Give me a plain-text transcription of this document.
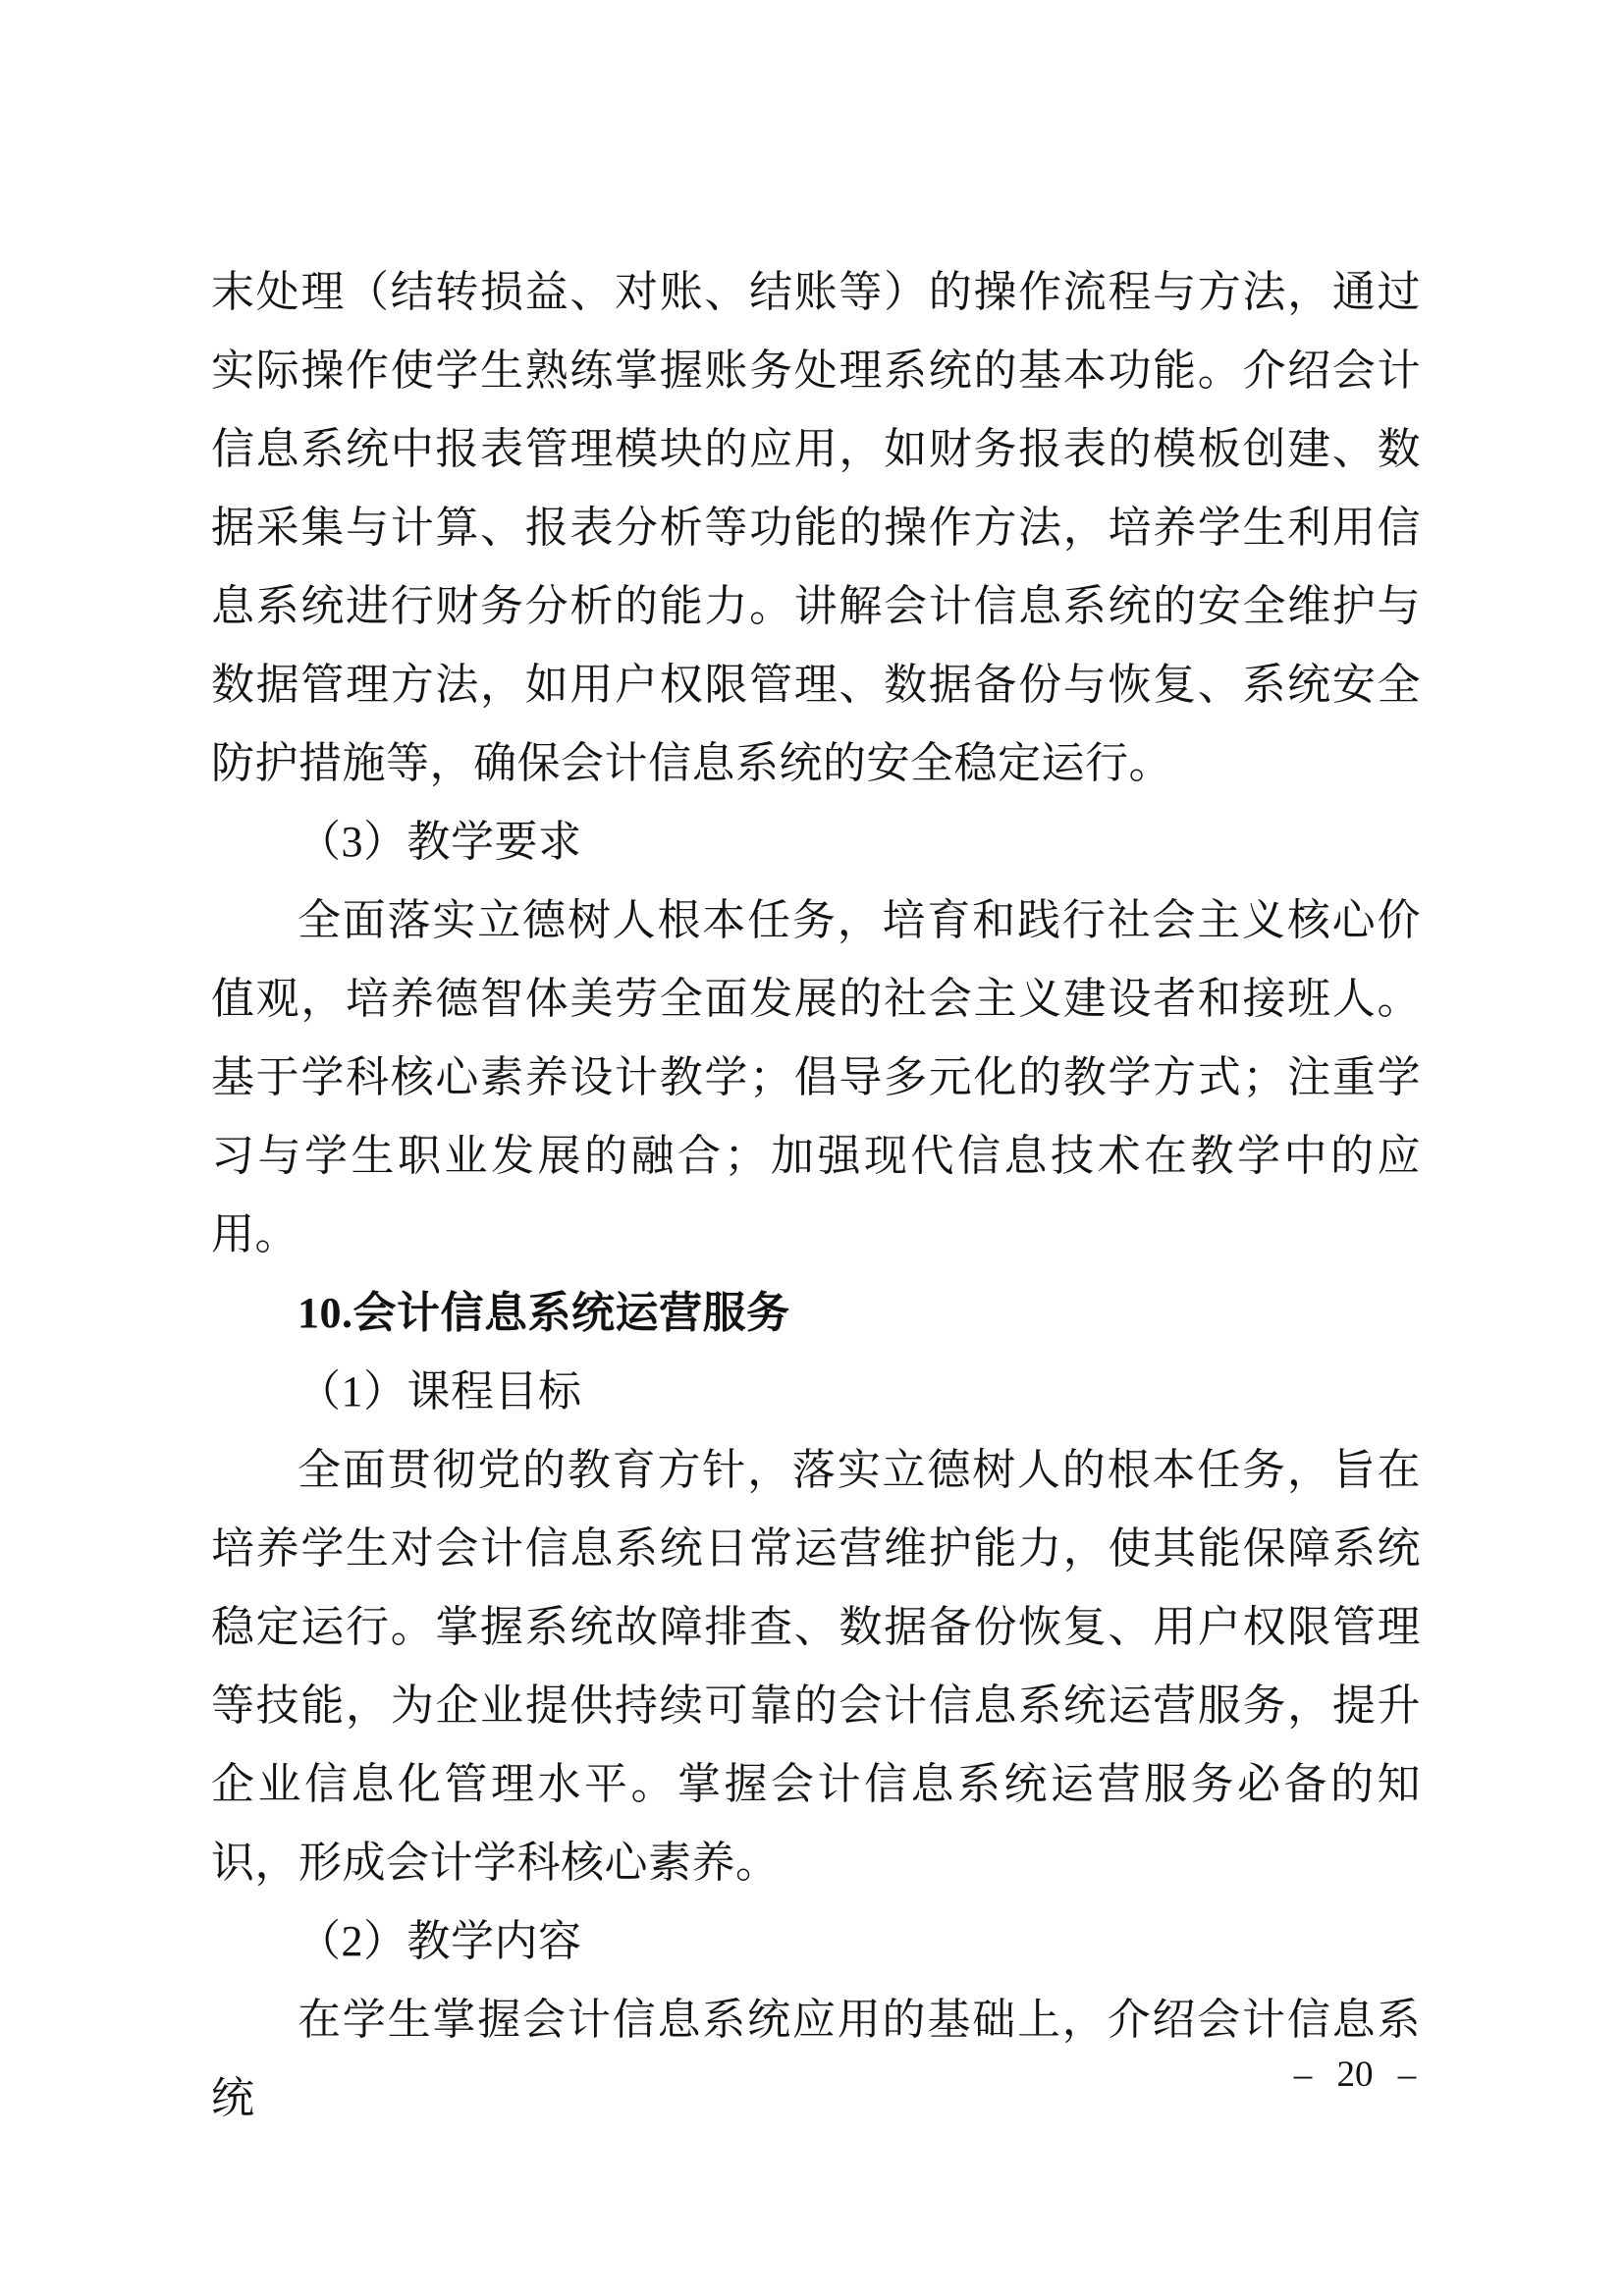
末处理（结转损益、对账、结账等）的操作流程与方法，通过实际操作使学生熟练掌握账务处理系统的基本功能。介绍会计信息系统中报表管理模块的应用，如财务报表的模板创建、数据采集与计算、报表分析等功能的操作方法，培养学生利用信息系统进行财务分析的能力。讲解会计信息系统的安全维护与数据管理方法，如用户权限管理、数据备份与恢复、系统安全防护措施等，确保会计信息系统的安全稳定运行。

（3）教学要求

全面落实立德树人根本任务，培育和践行社会主义核心价值观，培养德智体美劳全面发展的社会主义建设者和接班人。基于学科核心素养设计教学；倡导多元化的教学方式；注重学习与学生职业发展的融合；加强现代信息技术在教学中的应用。

10.会计信息系统运营服务

（1）课程目标

全面贯彻党的教育方针，落实立德树人的根本任务，旨在培养学生对会计信息系统日常运营维护能力，使其能保障系统稳定运行。掌握系统故障排查、数据备份恢复、用户权限管理等技能，为企业提供持续可靠的会计信息系统运营服务，提升企业信息化管理水平。掌握会计信息系统运营服务必备的知识，形成会计学科核心素养。

（2）教学内容

在学生掌握会计信息系统应用的基础上，介绍会计信息系统	– 20 –
